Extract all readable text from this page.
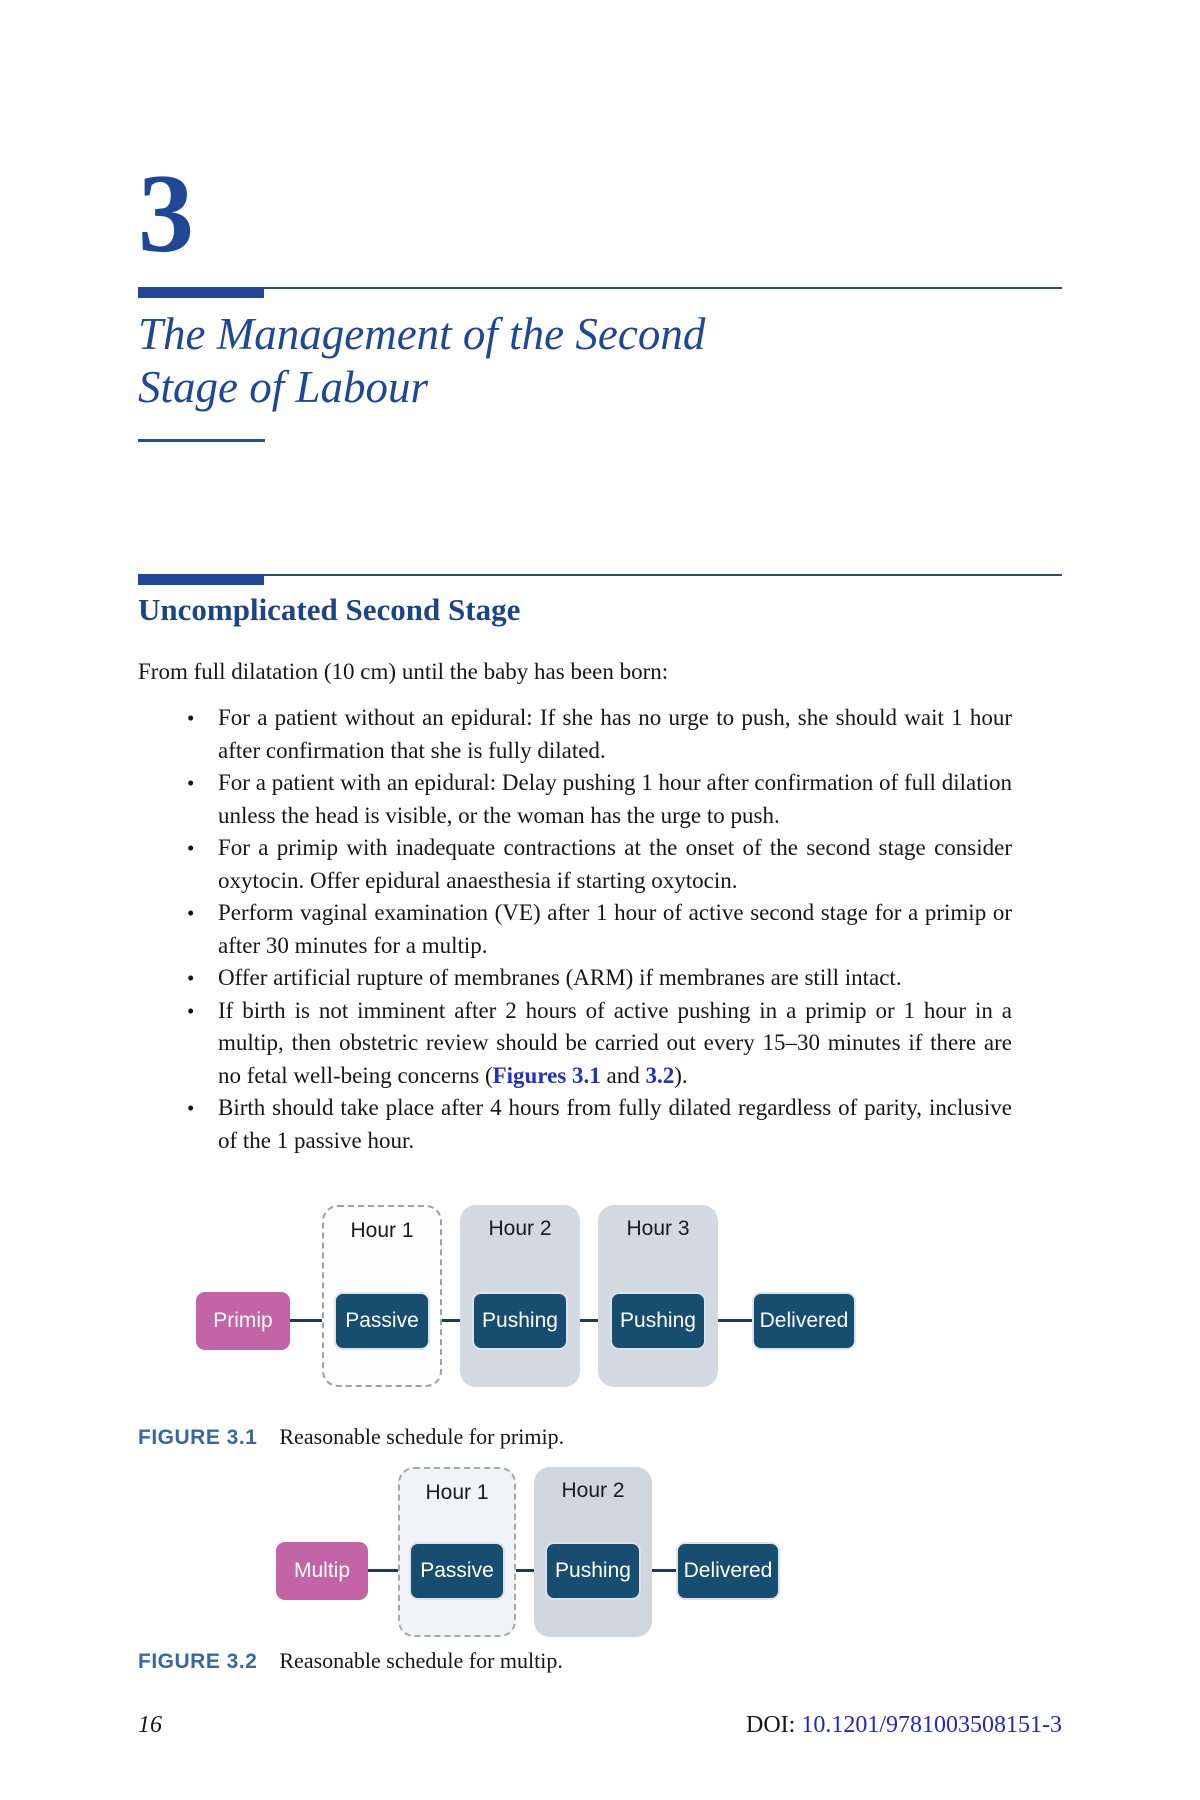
3
The Management of the Second
Stage of Labour
Uncomplicated Second Stage
From full dilatation (10 cm) until the baby has been born:
• For a patient without an epidural: If she has no urge to push, she should wait 1 hour after confirmation that she is fully dilated.
• For a patient with an epidural: Delay pushing 1 hour after confirmation of full dilation unless the head is visible, or the woman has the urge to push.
• For a primip with inadequate contractions at the onset of the second stage consider oxytocin. Offer epidural anaesthesia if starting oxytocin.
• Perform vaginal examination (VE) after 1 hour of active second stage for a primip or after 30 minutes for a multip.
• Offer artificial rupture of membranes (ARM) if membranes are still intact.
• If birth is not imminent after 2 hours of active pushing in a primip or 1 hour in a multip, then obstetric review should be carried out every 15–30 minutes if there are no fetal well-being concerns (Figures 3.1 and 3.2).
• Birth should take place after 4 hours from fully dilated regardless of parity, inclusive of the 1 passive hour.
Hour 1	Hour 2	Hour 3
Primip	Passive	Pushing	Pushing	Delivered
FIGURE 3.1 Reasonable schedule for primip.
Hour 1	Hour 2
Multip	Passive	Pushing	Delivered
FIGURE 3.2 Reasonable schedule for multip.
16	DOI: 10.1201/9781003508151-3
